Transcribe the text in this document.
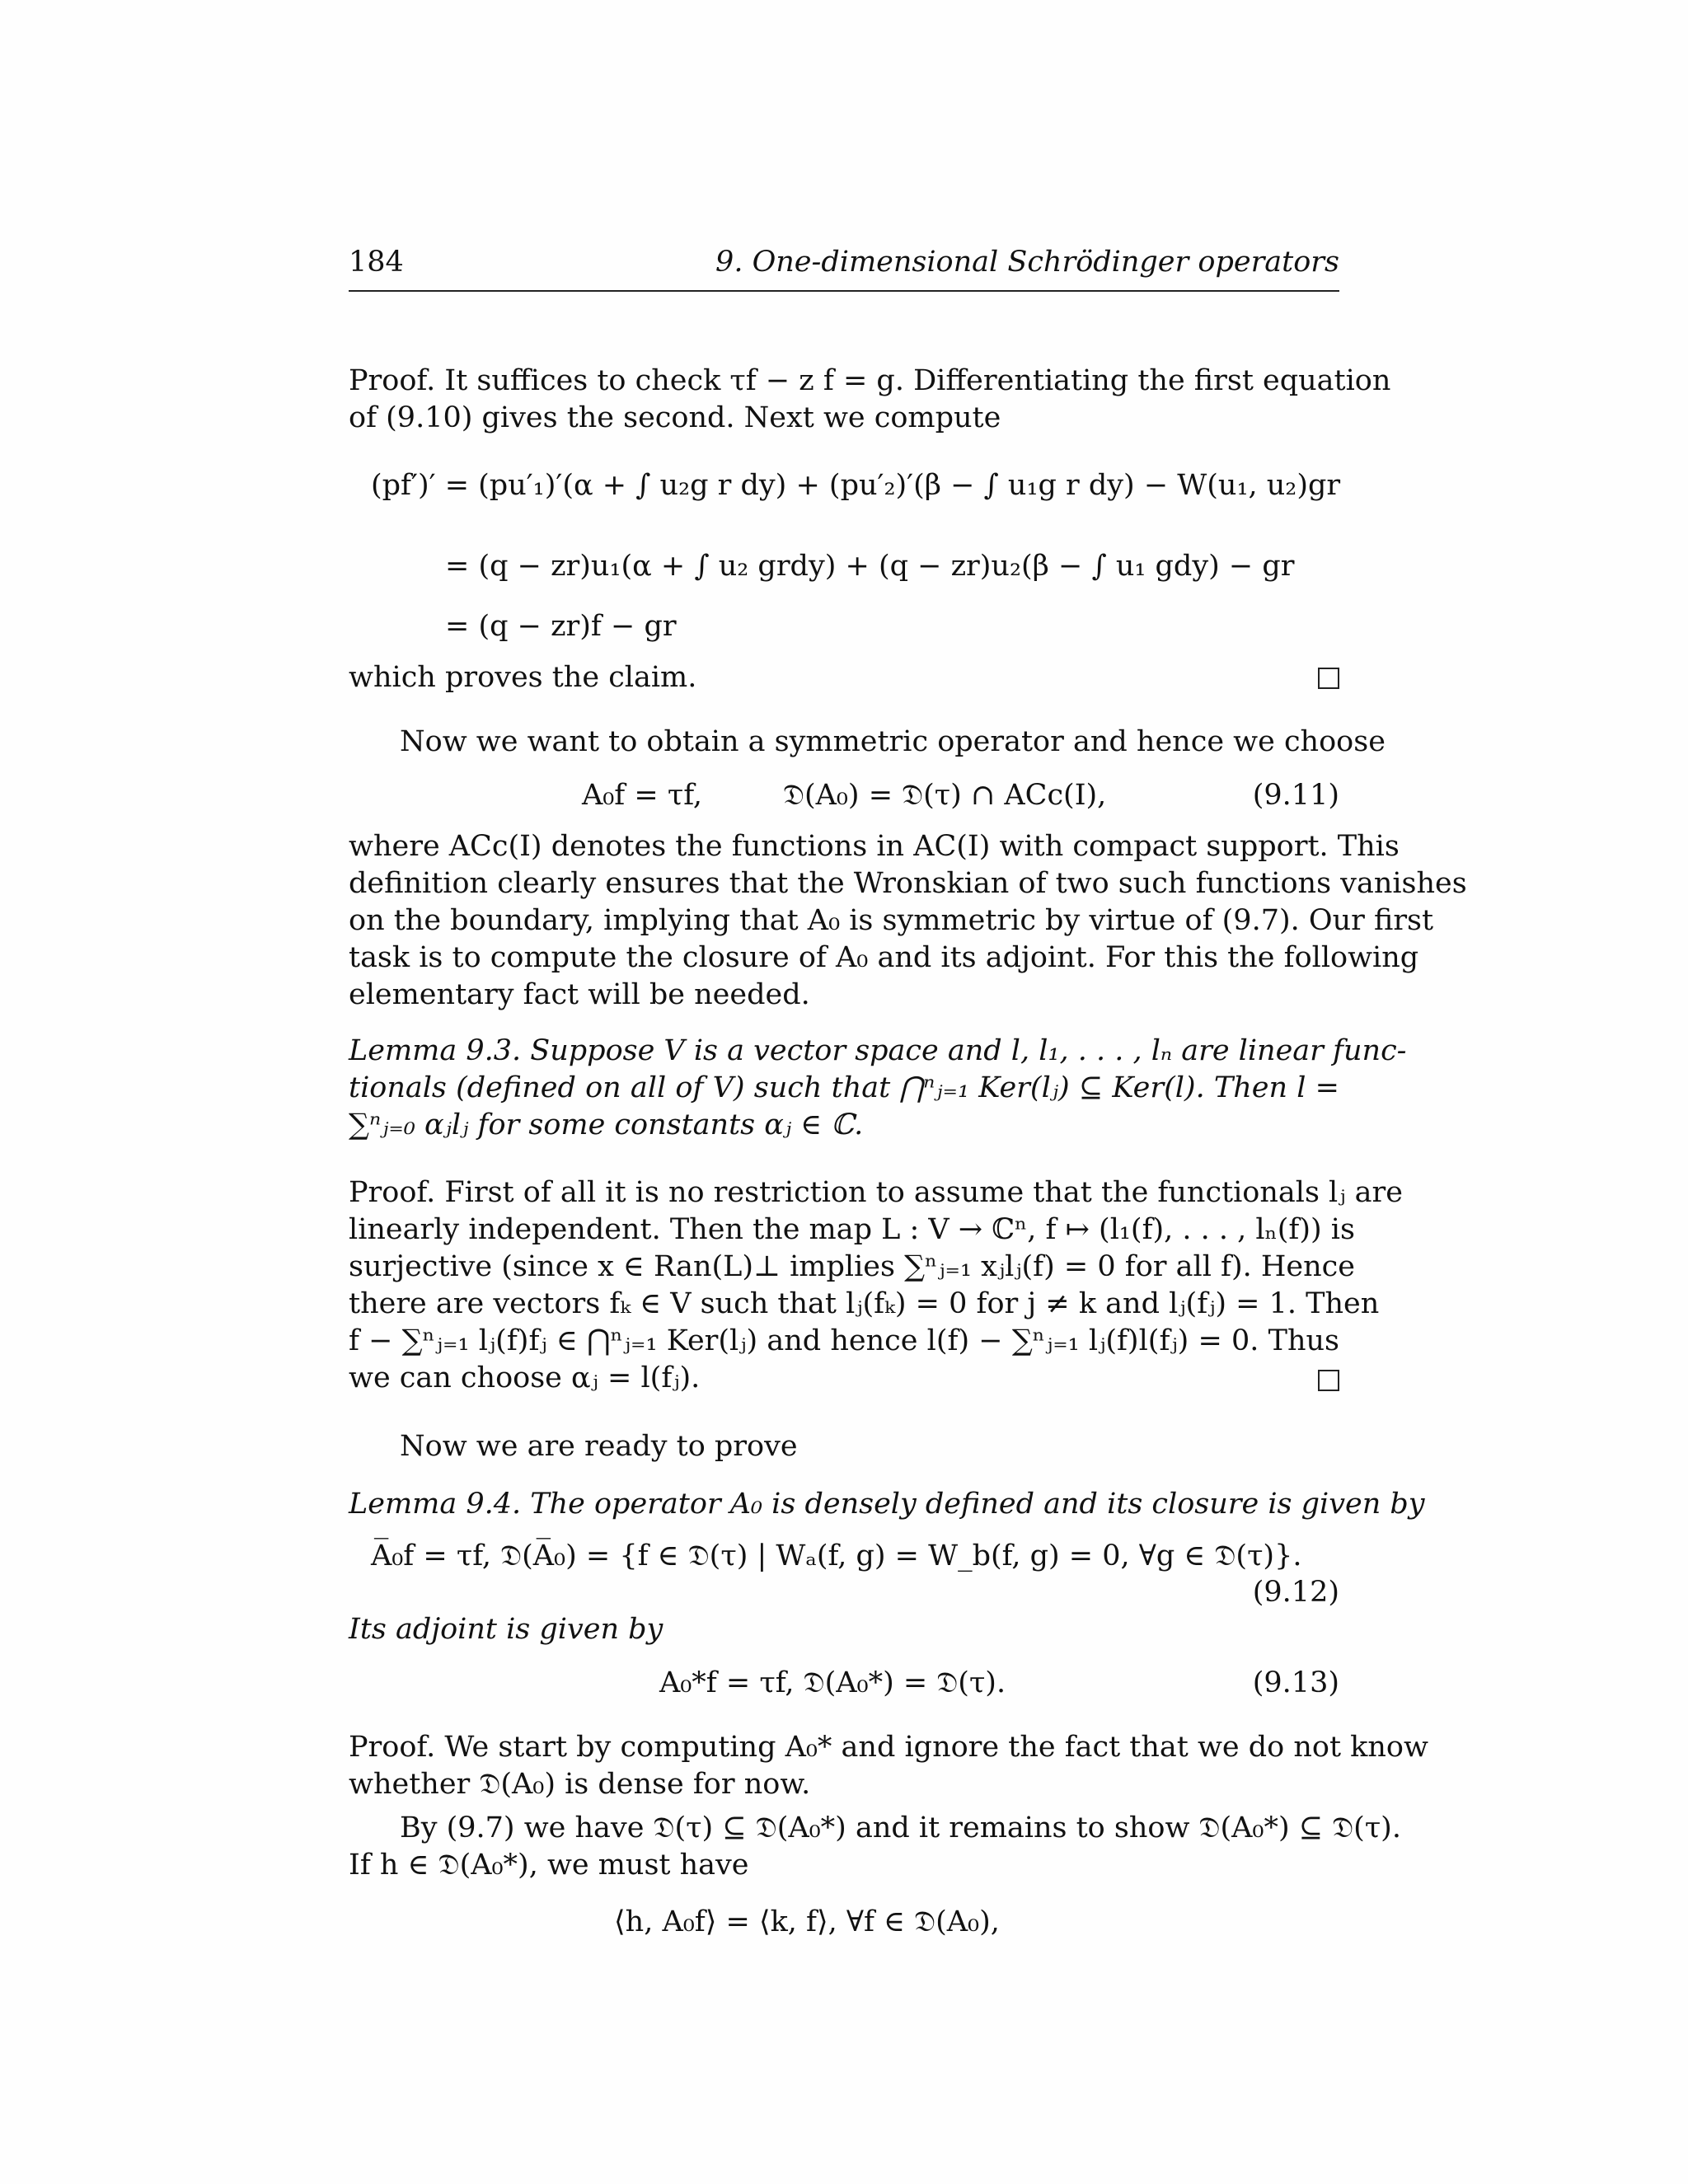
184	9. One-dimensional Schrödinger operators
Proof. It suffices to check τf − z f = g. Differentiating the first equation
of (9.10) gives the second. Next we compute
(pf′)′ = (pu′₁)′(α + ∫ u₂g r dy) + (pu′₂)′(β − ∫ u₁g r dy) − W(u₁, u₂)gr
= (q − zr)u₁(α + ∫ u₂ grdy) + (q − zr)u₂(β − ∫ u₁ gdy) − gr
= (q − zr)f − gr
which proves the claim.
Now we want to obtain a symmetric operator and hence we choose
A₀f = τf,	𝔇(A₀) = 𝔇(τ) ∩ ACc(I),	(9.11)
where ACc(I) denotes the functions in AC(I) with compact support. This
definition clearly ensures that the Wronskian of two such functions vanishes
on the boundary, implying that A₀ is symmetric by virtue of (9.7). Our first
task is to compute the closure of A₀ and its adjoint. For this the following
elementary fact will be needed.
Lemma 9.3. Suppose V is a vector space and l, l₁, . . . , lₙ are linear func-
tionals (defined on all of V) such that ⋂ⁿⱼ₌₁ Ker(lⱼ) ⊆ Ker(l). Then l =
∑ⁿⱼ₌₀ αⱼlⱼ for some constants αⱼ ∈ ℂ.
Proof. First of all it is no restriction to assume that the functionals lⱼ are
linearly independent. Then the map L : V → ℂⁿ, f ↦ (l₁(f), . . . , lₙ(f)) is
surjective (since x ∈ Ran(L)⊥ implies ∑ⁿⱼ₌₁ xⱼlⱼ(f) = 0 for all f). Hence
there are vectors fₖ ∈ V such that lⱼ(fₖ) = 0 for j ≠ k and lⱼ(fⱼ) = 1. Then
f − ∑ⁿⱼ₌₁ lⱼ(f)fⱼ ∈ ⋂ⁿⱼ₌₁ Ker(lⱼ) and hence l(f) − ∑ⁿⱼ₌₁ lⱼ(f)l(fⱼ) = 0. Thus
we can choose αⱼ = l(fⱼ).
Now we are ready to prove
Lemma 9.4. The operator A₀ is densely defined and its closure is given by
A̅₀f = τf, 𝔇(A̅₀) = {f ∈ 𝔇(τ) | Wₐ(f, g) = W_b(f, g) = 0, ∀g ∈ 𝔇(τ)}.
(9.12)
Its adjoint is given by
A₀*f = τf, 𝔇(A₀*) = 𝔇(τ).	(9.13)
Proof. We start by computing A₀* and ignore the fact that we do not know
whether 𝔇(A₀) is dense for now.
By (9.7) we have 𝔇(τ) ⊆ 𝔇(A₀*) and it remains to show 𝔇(A₀*) ⊆ 𝔇(τ).
If h ∈ 𝔇(A₀*), we must have
⟨h, A₀f⟩ = ⟨k, f⟩, ∀f ∈ 𝔇(A₀),
